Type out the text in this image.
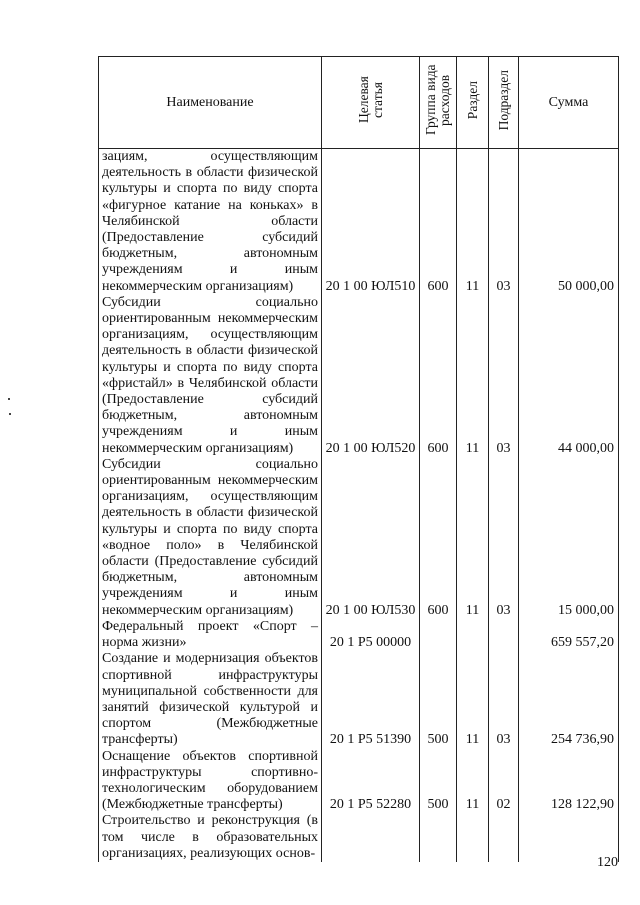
Наименование	Целевая статья	Группа вида расходов	Раздел	Подраздел	Сумма
зациям, осуществляющим деятельность в области физической культуры и спорта по виду спорта «фигурное катание на коньках» в Челябинской области (Предоставление субсидий бюджетным, автономным учреждениям и иным некоммерческим организациям)	20 1 00 ЮЛ510	600	11	03	50 000,00
Субсидии социально ориентированным некоммерческим организациям, осуществляющим деятельность в области физической культуры и спорта по виду спорта «фристайл» в Челябинской области (Предоставление субсидий бюджетным, автономным учреждениям и иным некоммерческим организациям)	20 1 00 ЮЛ520	600	11	03	44 000,00
Субсидии социально ориентированным некоммерческим организациям, осуществляющим деятельность в области физической культуры и спорта по виду спорта «водное поло» в Челябинской области (Предоставление субсидий бюджетным, автономным учреждениям и иным некоммерческим организациям)	20 1 00 ЮЛ530	600	11	03	15 000,00
Федеральный проект «Спорт – норма жизни»	20 1 Р5 00000				659 557,20
Создание и модернизация объектов спортивной инфраструктуры муниципальной собственности для занятий физической культурой и спортом (Межбюджетные трансферты)	20 1 Р5 51390	500	11	03	254 736,90
Оснащение объектов спортивной инфраструктуры спортивно-технологическим оборудованием (Межбюджетные трансферты)	20 1 Р5 52280	500	11	02	128 122,90
Строительство и реконструкция (в том числе в образовательных организациях, реализующих основ-					
120
